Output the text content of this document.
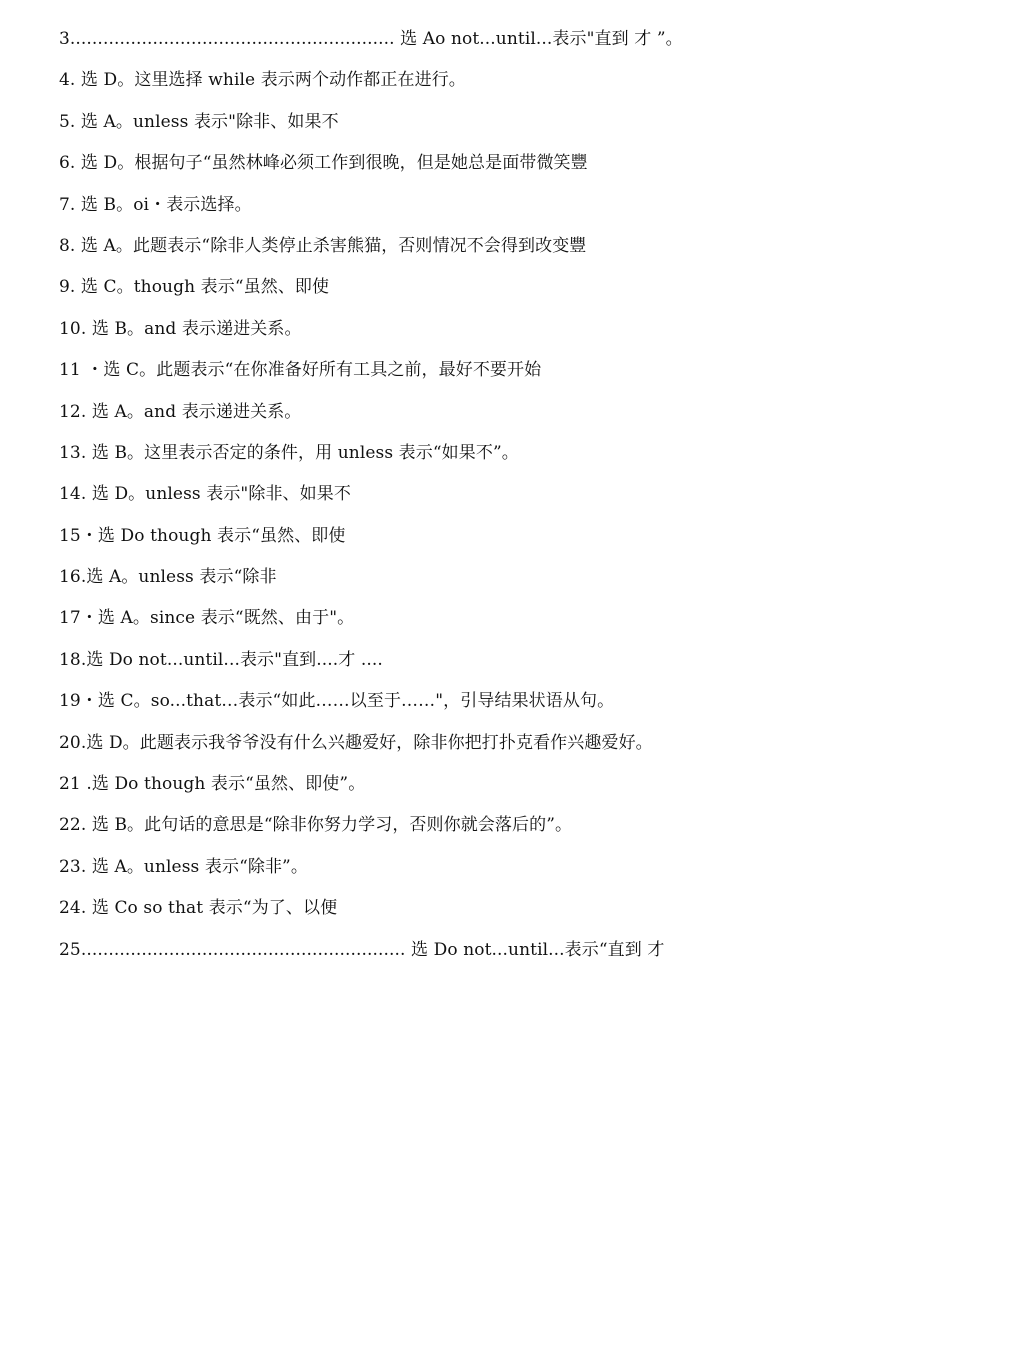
3........................................................... 选 Ao not...until...表示"直到 才 ”。
4. 选 D。这里选择 while 表示两个动作都正在进行。
5. 选 A。unless 表示"除非、如果不
6. 选 D。根据句子“虽然林峰必须工作到很晚，但是她总是面带微笑豐
7. 选 B。oi・表示选择。
8. 选 A。此题表示“除非人类停止杀害熊猫，否则情况不会得到改变豐
9. 选 C。though 表示“虽然、即使
10. 选 B。and 表示递进关系。
11 ・选 C。此题表示“在你准备好所有工具之前，最好不要开始
12. 选 A。and 表示递进关系。
13. 选 B。这里表示否定的条件，用 unless 表示“如果不”。
14. 选 D。unless 表示"除非、如果不
15・选 Do though 表示“虽然、即使
16.选 A。unless 表示“除非
17・选 A。since 表示“既然、由于"。
18.选 Do not...until...表示"直到....才 ....
19・选 C。so...that…表示“如此……以至于……"，引导结果状语从句。
20.选 D。此题表示我爷爷没有什么兴趣爱好，除非你把打扑克看作兴趣爱好。
21 .选 Do though 表示“虽然、即使”。
22. 选 B。此句话的意思是“除非你努力学习，否则你就会落后的”。
23. 选 A。unless 表示“除非”。
24. 选 Co so that 表示“为了、以便
25........................................................... 选 Do not...until...表示“直到 才
